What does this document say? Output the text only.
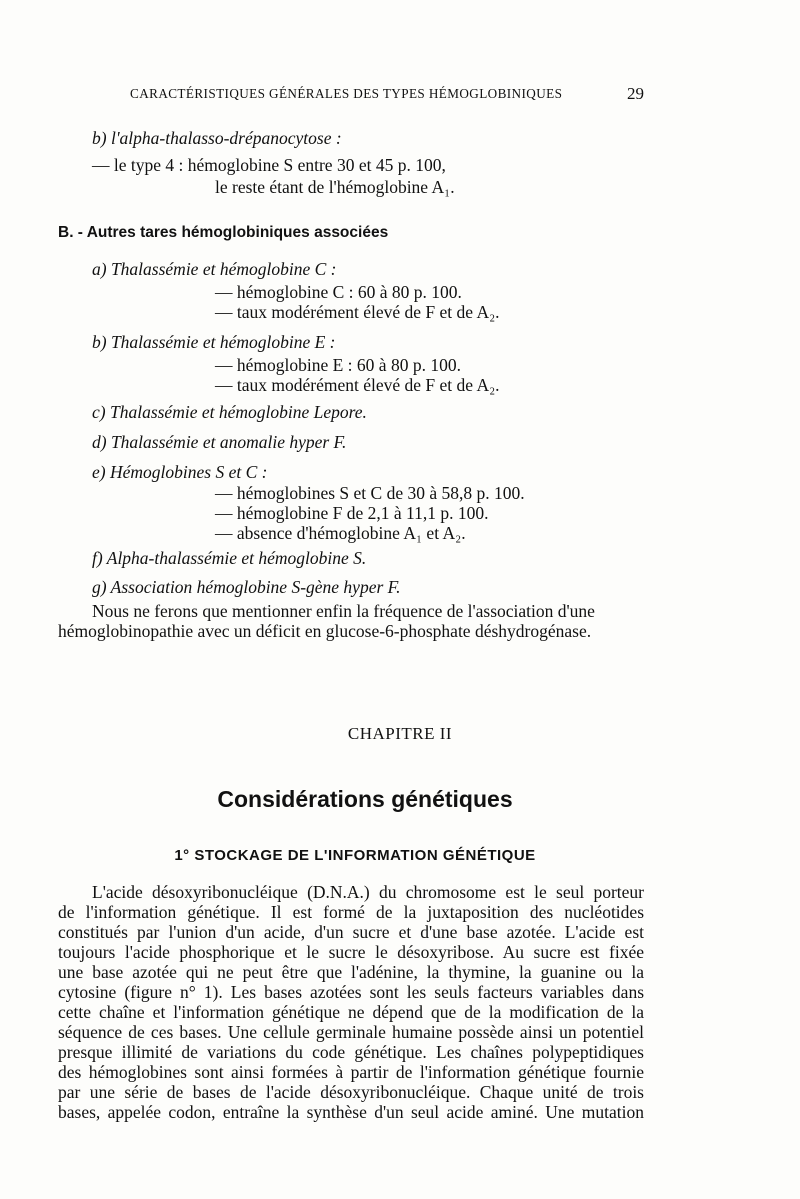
CARACTÉRISTIQUES GÉNÉRALES DES TYPES HÉMOGLOBINIQUES	29
b) l'alpha-thalasso-drépanocytose :
— le type 4 : hémoglobine S entre 30 et 45 p. 100,
le reste étant de l'hémoglobine A₁.
B. - Autres tares hémoglobiniques associées
a) Thalassémie et hémoglobine C :
— hémoglobine C : 60 à 80 p. 100.
— taux modérément élevé de F et de A₂.
b) Thalassémie et hémoglobine E :
— hémoglobine E : 60 à 80 p. 100.
— taux modérément élevé de F et de A₂.
c) Thalassémie et hémoglobine Lepore.
d) Thalassémie et anomalie hyper F.
e) Hémoglobines S et C :
— hémoglobines S et C de 30 à 58,8 p. 100.
— hémoglobine F de 2,1 à 11,1 p. 100.
— absence d'hémoglobine A₁ et A₂.
f) Alpha-thalassémie et hémoglobine S.
g) Association hémoglobine S-gène hyper F.
Nous ne ferons que mentionner enfin la fréquence de l'association d'une
hémoglobinopathie avec un déficit en glucose-6-phosphate déshydrogénase.
CHAPITRE II
Considérations génétiques
1° STOCKAGE DE L'INFORMATION GÉNÉTIQUE
L'acide désoxyribonucléique (D.N.A.) du chromosome est le seul porteur
de l'information génétique. Il est formé de la juxtaposition des nucléotides
constitués par l'union d'un acide, d'un sucre et d'une base azotée. L'acide est
toujours l'acide phosphorique et le sucre le désoxyribose. Au sucre est fixée
une base azotée qui ne peut être que l'adénine, la thymine, la guanine ou la
cytosine (figure n° 1). Les bases azotées sont les seuls facteurs variables dans
cette chaîne et l'information génétique ne dépend que de la modification de la
séquence de ces bases. Une cellule germinale humaine possède ainsi un potentiel
presque illimité de variations du code génétique. Les chaînes polypeptidiques
des hémoglobines sont ainsi formées à partir de l'information génétique fournie
par une série de bases de l'acide désoxyribonucléique. Chaque unité de trois
bases, appelée codon, entraîne la synthèse d'un seul acide aminé. Une mutation
